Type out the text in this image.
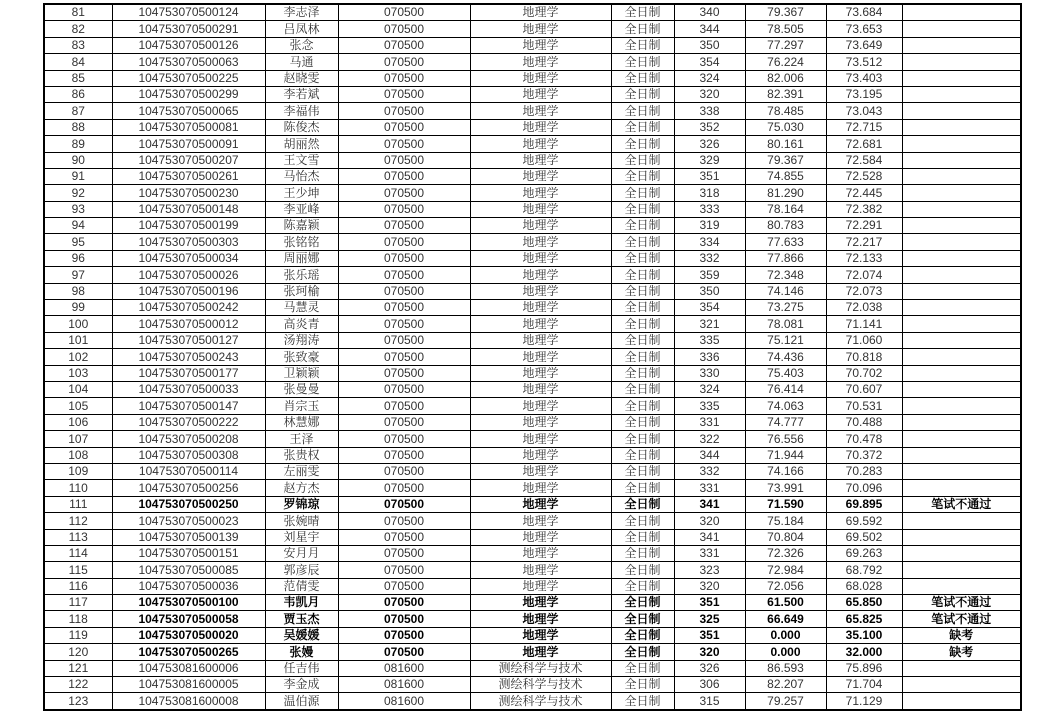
81	104753070500124	李志泽	070500	地理学	全日制	340	79.367	73.684	
82	104753070500291	吕凤林	070500	地理学	全日制	344	78.505	73.653	
83	104753070500126	张念	070500	地理学	全日制	350	77.297	73.649	
84	104753070500063	马通	070500	地理学	全日制	354	76.224	73.512	
85	104753070500225	赵晓雯	070500	地理学	全日制	324	82.006	73.403	
86	104753070500299	李若斌	070500	地理学	全日制	320	82.391	73.195	
87	104753070500065	李福伟	070500	地理学	全日制	338	78.485	73.043	
88	104753070500081	陈俊杰	070500	地理学	全日制	352	75.030	72.715	
89	104753070500091	胡丽然	070500	地理学	全日制	326	80.161	72.681	
90	104753070500207	王文雪	070500	地理学	全日制	329	79.367	72.584	
91	104753070500261	马怡杰	070500	地理学	全日制	351	74.855	72.528	
92	104753070500230	王少坤	070500	地理学	全日制	318	81.290	72.445	
93	104753070500148	李亚峰	070500	地理学	全日制	333	78.164	72.382	
94	104753070500199	陈嘉颖	070500	地理学	全日制	319	80.783	72.291	
95	104753070500303	张铭铭	070500	地理学	全日制	334	77.633	72.217	
96	104753070500034	周丽娜	070500	地理学	全日制	332	77.866	72.133	
97	104753070500026	张乐瑶	070500	地理学	全日制	359	72.348	72.074	
98	104753070500196	张珂榆	070500	地理学	全日制	350	74.146	72.073	
99	104753070500242	马慧灵	070500	地理学	全日制	354	73.275	72.038	
100	104753070500012	高炎青	070500	地理学	全日制	321	78.081	71.141	
101	104753070500127	汤翔涛	070500	地理学	全日制	335	75.121	71.060	
102	104753070500243	张致豪	070500	地理学	全日制	336	74.436	70.818	
103	104753070500177	卫颖颖	070500	地理学	全日制	330	75.403	70.702	
104	104753070500033	张曼曼	070500	地理学	全日制	324	76.414	70.607	
105	104753070500147	肖宗玉	070500	地理学	全日制	335	74.063	70.531	
106	104753070500222	林慧娜	070500	地理学	全日制	331	74.777	70.488	
107	104753070500208	王泽	070500	地理学	全日制	322	76.556	70.478	
108	104753070500308	张贵权	070500	地理学	全日制	344	71.944	70.372	
109	104753070500114	左丽雯	070500	地理学	全日制	332	74.166	70.283	
110	104753070500256	赵方杰	070500	地理学	全日制	331	73.991	70.096	
111	104753070500250	罗锦琼	070500	地理学	全日制	341	71.590	69.895	笔试不通过
112	104753070500023	张婉晴	070500	地理学	全日制	320	75.184	69.592	
113	104753070500139	刘星宇	070500	地理学	全日制	341	70.804	69.502	
114	104753070500151	安月月	070500	地理学	全日制	331	72.326	69.263	
115	104753070500085	郭彦辰	070500	地理学	全日制	323	72.984	68.792	
116	104753070500036	范倩雯	070500	地理学	全日制	320	72.056	68.028	
117	104753070500100	韦凯月	070500	地理学	全日制	351	61.500	65.850	笔试不通过
118	104753070500058	贾玉杰	070500	地理学	全日制	325	66.649	65.825	笔试不通过
119	104753070500020	吴媛媛	070500	地理学	全日制	351	0.000	35.100	缺考
120	104753070500265	张嫚	070500	地理学	全日制	320	0.000	32.000	缺考
121	104753081600006	任吉伟	081600	测绘科学与技术	全日制	326	86.593	75.896	
122	104753081600005	李金成	081600	测绘科学与技术	全日制	306	82.207	71.704	
123	104753081600008	温伯源	081600	测绘科学与技术	全日制	315	79.257	71.129	
